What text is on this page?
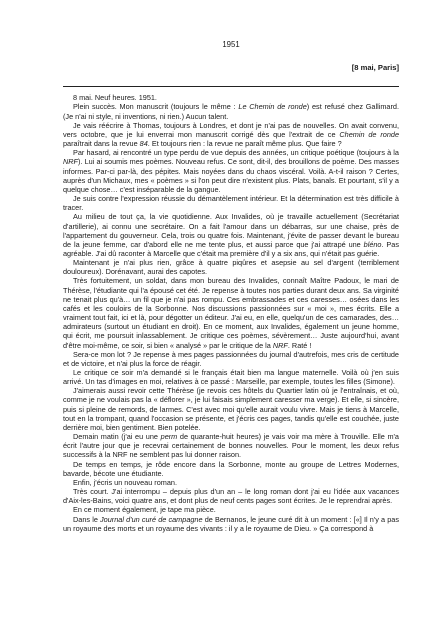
1951
[8 mai, Paris]

8 mai. Neuf heures. 1951.

Plein succès. Mon manuscrit (toujours le même : Le Chemin de ronde) est refusé chez Gallimard. (Je n'ai ni style, ni inventions, ni rien.) Aucun talent.

Je vais réécrire à Thomas, toujours à Londres, et dont je n'ai pas de nouvelles. On avait convenu, vers octobre, que je lui enverrai mon manuscrit corrigé dès que l'extrait de ce Chemin de ronde paraîtrait dans la revue 84. Et toujours rien : la revue ne paraît même plus. Que faire ?

Par hasard, ai rencontré un type perdu de vue depuis des années, un critique poétique (toujours à la NRF). Lui ai soumis mes poèmes. Nouveau refus. Ce sont, dit-il, des brouillons de poème. Des masses informes. Par-ci par-là, des pépites. Mais noyées dans du chaos viscéral. Voilà. A-t-il raison ? Certes, auprès d'un Michaux, mes « poèmes » si l'on peut dire n'existent plus. Plats, banals. Et pourtant, s'il y a quelque chose… c'est inséparable de la gangue.

Je suis contre l'expression réussie du démantèlement intérieur. Et la détermination est très difficile à tracer.

Au milieu de tout ça, la vie quotidienne. Aux Invalides, où je travaille actuellement (Secrétariat d'artillerie), ai connu une secrétaire. On a fait l'amour dans un débarras, sur une chaise, près de l'appartement du gouverneur. Cela, trois ou quatre fois. Maintenant, j'évite de passer devant le bureau de la jeune femme, car d'abord elle ne me tente plus, et aussi parce que j'ai attrapé une bléno. Pas agréable. J'ai dû raconter à Marcelle que c'était ma première d'il y a six ans, qui n'était pas guérie.

Maintenant je n'ai plus rien, grâce à quatre piqûres et asepsie au sel d'argent (terriblement douloureux). Dorénavant, aurai des capotes.

Très fortuitement, un soldat, dans mon bureau des Invalides, connaît Maître Padoux, le mari de Thérèse, l'étudiante qui l'a épousé cet été. Je repense à toutes nos parties durant deux ans. Sa virginité ne tenait plus qu'à… un fil que je n'ai pas rompu. Ces embrassades et ces caresses… osées dans les cafés et les couloirs de la Sorbonne. Nos discussions passionnées sur « moi », mes écrits. Elle a vraiment tout fait, ici et là, pour dégotter un éditeur. J'ai eu, en elle, quelqu'un de ces camarades, des… admirateurs (surtout un étudiant en droit). En ce moment, aux Invalides, également un jeune homme, qui écrit, me poursuit inlassablement. Je critique ces poèmes, sévèrement… Juste aujourd'hui, avant d'être moi-même, ce soir, si bien « analysé » par le critique de la NRF. Raté !

Sera-ce mon lot ? Je repense à mes pages passionnées du journal d'autrefois, mes cris de certitude et de victoire, et n'ai plus la force de réagir.

Le critique ce soir m'a demandé si le français était bien ma langue maternelle. Voilà où j'en suis arrivé. Un tas d'images en moi, relatives à ce passé : Marseille, par exemple, toutes les filles (Simone).

J'aimerais aussi revoir cette Thérèse (je revois ces hôtels du Quartier latin où je l'entraînais, et où, comme je ne voulais pas la « déflorer », je lui faisais simplement caresser ma verge). Et elle, si sincère, puis si pleine de remords, de larmes. C'est avec moi qu'elle aurait voulu vivre. Mais je tiens à Marcelle, tout en la trompant, quand l'occasion se présente, et j'écris ces pages, tandis qu'elle est couchée, juste derrière moi, bien gentiment. Bien potelée.

Demain matin (j'ai eu une perm de quarante-huit heures) je vais voir ma mère à Trouville. Elle m'a écrit l'autre jour que je recevrai certainement de bonnes nouvelles. Pour le moment, les deux refus successifs à la NRF ne semblent pas lui donner raison.

De temps en temps, je rôde encore dans la Sorbonne, monte au groupe de Lettres Modernes, bavarde, bécote une étudiante.

Enfin, j'écris un nouveau roman.

Très court. J'ai interrompu – depuis plus d'un an – le long roman dont j'ai eu l'idée aux vacances d'Aix-les-Bains, voici quatre ans, et dont plus de neuf cents pages sont écrites. Je le reprendrai après.

En ce moment également, je tape ma pièce.

Dans le Journal d'un curé de campagne de Bernanos, le jeune curé dit à un moment : [«] Il n'y a pas un royaume des morts et un royaume des vivants : il y a le royaume de Dieu. » Ça correspond à
